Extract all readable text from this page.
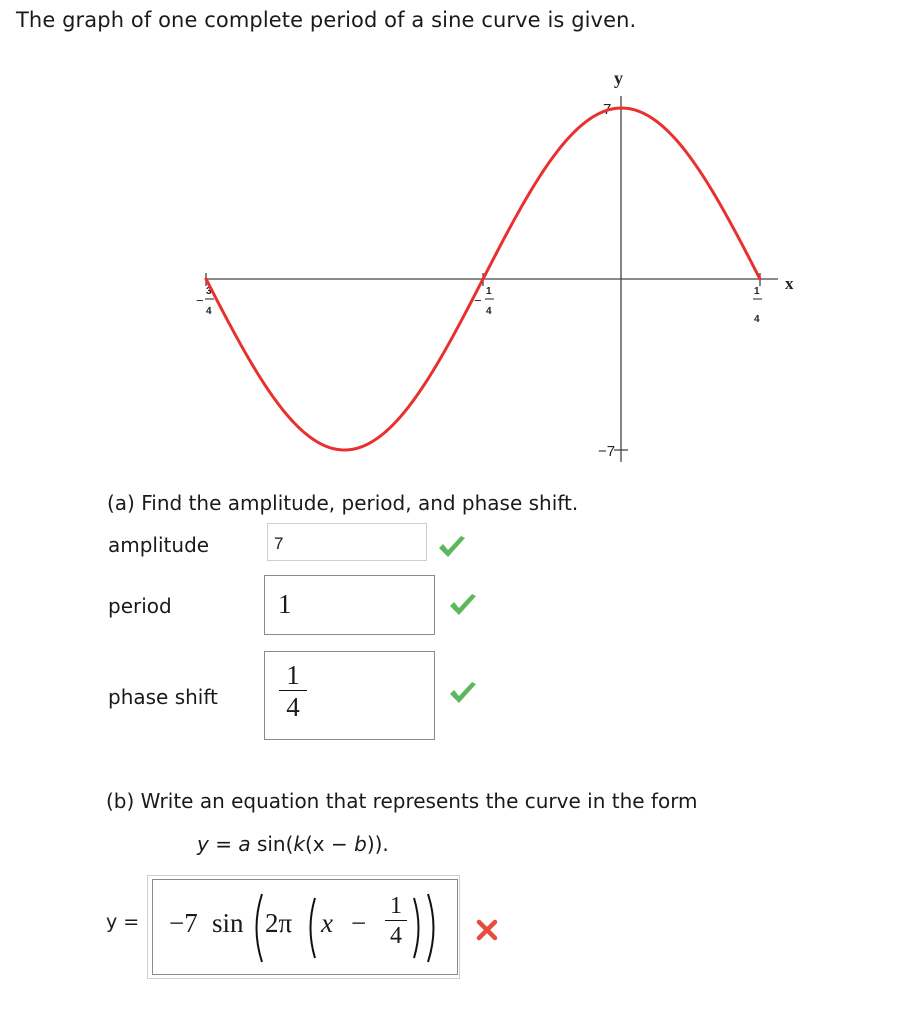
The graph of one complete period of a sine curve is given.
y
x
7
−7
−
3
4
−
1
4
1
4
(a) Find the amplitude, period, and phase shift.
amplitude	7
period	1
phase shift
1
4
(b) Write an equation that represents the curve in the form
y = a sin(k(x − b)).
y = −7 sin 2π x −
1
4
